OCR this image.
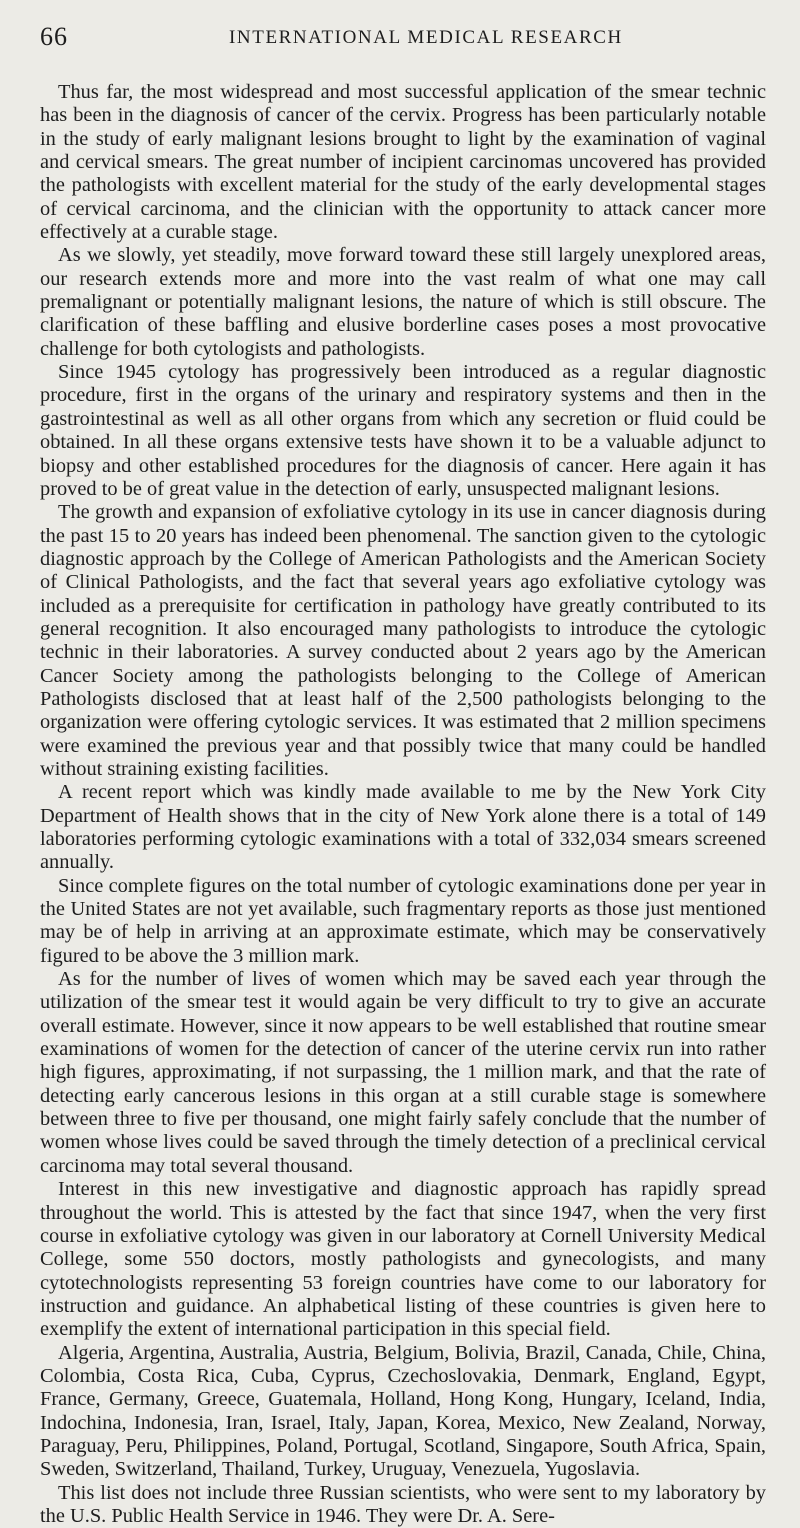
66	INTERNATIONAL MEDICAL RESEARCH

Thus far, the most widespread and most successful application of the smear technic has been in the diagnosis of cancer of the cervix. Progress has been particularly notable in the study of early malignant lesions brought to light by the examination of vaginal and cervical smears. The great number of incipient carcinomas uncovered has provided the pathologists with excellent material for the study of the early developmental stages of cervical carcinoma, and the clinician with the opportunity to attack cancer more effectively at a curable stage.

As we slowly, yet steadily, move forward toward these still largely unexplored areas, our research extends more and more into the vast realm of what one may call premalignant or potentially malignant lesions, the nature of which is still obscure. The clarification of these baffling and elusive borderline cases poses a most provocative challenge for both cytologists and pathologists.

Since 1945 cytology has progressively been introduced as a regular diagnostic procedure, first in the organs of the urinary and respiratory systems and then in the gastrointestinal as well as all other organs from which any secretion or fluid could be obtained. In all these organs extensive tests have shown it to be a valuable adjunct to biopsy and other established procedures for the diagnosis of cancer. Here again it has proved to be of great value in the detection of early, unsuspected malignant lesions.

The growth and expansion of exfoliative cytology in its use in cancer diagnosis during the past 15 to 20 years has indeed been phenomenal. The sanction given to the cytologic diagnostic approach by the College of American Pathologists and the American Society of Clinical Pathologists, and the fact that several years ago exfoliative cytology was included as a prerequisite for certification in pathology have greatly contributed to its general recognition. It also encouraged many pathologists to introduce the cytologic technic in their laboratories. A survey conducted about 2 years ago by the American Cancer Society among the pathologists belonging to the College of American Pathologists disclosed that at least half of the 2,500 pathologists belonging to the organization were offering cytologic services. It was estimated that 2 million specimens were examined the previous year and that possibly twice that many could be handled without straining existing facilities.

A recent report which was kindly made available to me by the New York City Department of Health shows that in the city of New York alone there is a total of 149 laboratories performing cytologic examinations with a total of 332,034 smears screened annually.

Since complete figures on the total number of cytologic examinations done per year in the United States are not yet available, such fragmentary reports as those just mentioned may be of help in arriving at an approximate estimate, which may be conservatively figured to be above the 3 million mark.

As for the number of lives of women which may be saved each year through the utilization of the smear test it would again be very difficult to try to give an accurate overall estimate. However, since it now appears to be well established that routine smear examinations of women for the detection of cancer of the uterine cervix run into rather high figures, approximating, if not surpassing, the 1 million mark, and that the rate of detecting early cancerous lesions in this organ at a still curable stage is somewhere between three to five per thousand, one might fairly safely conclude that the number of women whose lives could be saved through the timely detection of a preclinical cervical carcinoma may total several thousand.

Interest in this new investigative and diagnostic approach has rapidly spread throughout the world. This is attested by the fact that since 1947, when the very first course in exfoliative cytology was given in our laboratory at Cornell University Medical College, some 550 doctors, mostly pathologists and gynecologists, and many cytotechnologists representing 53 foreign countries have come to our laboratory for instruction and guidance. An alphabetical listing of these countries is given here to exemplify the extent of international participation in this special field.

Algeria, Argentina, Australia, Austria, Belgium, Bolivia, Brazil, Canada, Chile, China, Colombia, Costa Rica, Cuba, Cyprus, Czechoslovakia, Denmark, England, Egypt, France, Germany, Greece, Guatemala, Holland, Hong Kong, Hungary, Iceland, India, Indochina, Indonesia, Iran, Israel, Italy, Japan, Korea, Mexico, New Zealand, Norway, Paraguay, Peru, Philippines, Poland, Portugal, Scotland, Singapore, South Africa, Spain, Sweden, Switzerland, Thailand, Turkey, Uruguay, Venezuela, Yugoslavia.

This list does not include three Russian scientists, who were sent to my laboratory by the U.S. Public Health Service in 1946. They were Dr. A. Sere-
